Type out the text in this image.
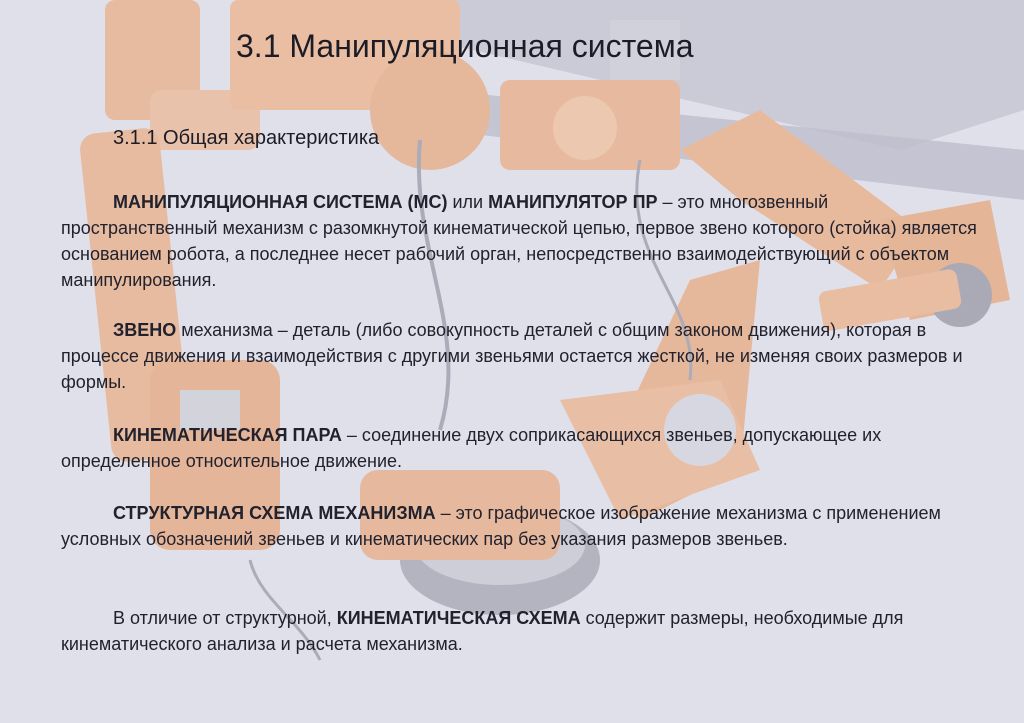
3.1 Манипуляционная система
3.1.1 Общая характеристика
МАНИПУЛЯЦИОННАЯ СИСТЕМА (МС) или МАНИПУЛЯТОР ПР – это многозвенный пространственный механизм с разомкнутой кинематической цепью, первое звено которого (стойка) является основанием робота, а последнее несет рабочий орган, непосредственно взаимодействующий с объектом манипулирования.
ЗВЕНО механизма – деталь (либо совокупность деталей с общим законом движения), которая в процессе движения и взаимодействия с другими звеньями остается жесткой, не изменяя своих размеров и формы.
КИНЕМАТИЧЕСКАЯ ПАРА – соединение двух соприкасающихся звеньев, допускающее их определенное относительное движение.
СТРУКТУРНАЯ СХЕМА МЕХАНИЗМА – это графическое изображение механизма с применением условных обозначений звеньев и кинематических пар без указания размеров звеньев.
В отличие от структурной, КИНЕМАТИЧЕСКАЯ СХЕМА содержит размеры, необходимые для кинематического анализа и расчета механизма.
